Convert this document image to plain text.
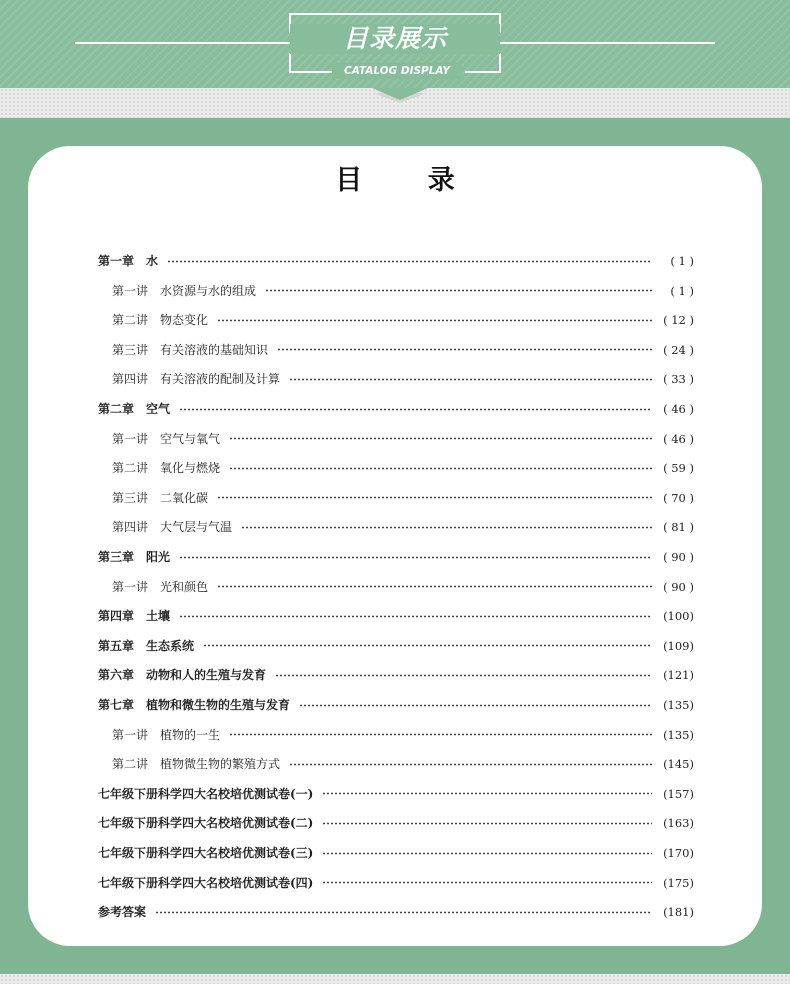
目录展示
CATALOG DISPLAY
目 录
第一章　水	( 1 )
第一讲　水资源与水的组成	( 1 )
第二讲　物态变化	( 12 )
第三讲　有关溶液的基础知识	( 24 )
第四讲　有关溶液的配制及计算	( 33 )
第二章　空气	( 46 )
第一讲　空气与氧气	( 46 )
第二讲　氧化与燃烧	( 59 )
第三讲　二氧化碳	( 70 )
第四讲　大气层与气温	( 81 )
第三章　阳光	( 90 )
第一讲　光和颜色	( 90 )
第四章　土壤	(100)
第五章　生态系统	(109)
第六章　动物和人的生殖与发育	(121)
第七章　植物和微生物的生殖与发育	(135)
第一讲　植物的一生	(135)
第二讲　植物微生物的繁殖方式	(145)
七年级下册科学四大名校培优测试卷(一)	(157)
七年级下册科学四大名校培优测试卷(二)	(163)
七年级下册科学四大名校培优测试卷(三)	(170)
七年级下册科学四大名校培优测试卷(四)	(175)
参考答案	(181)
